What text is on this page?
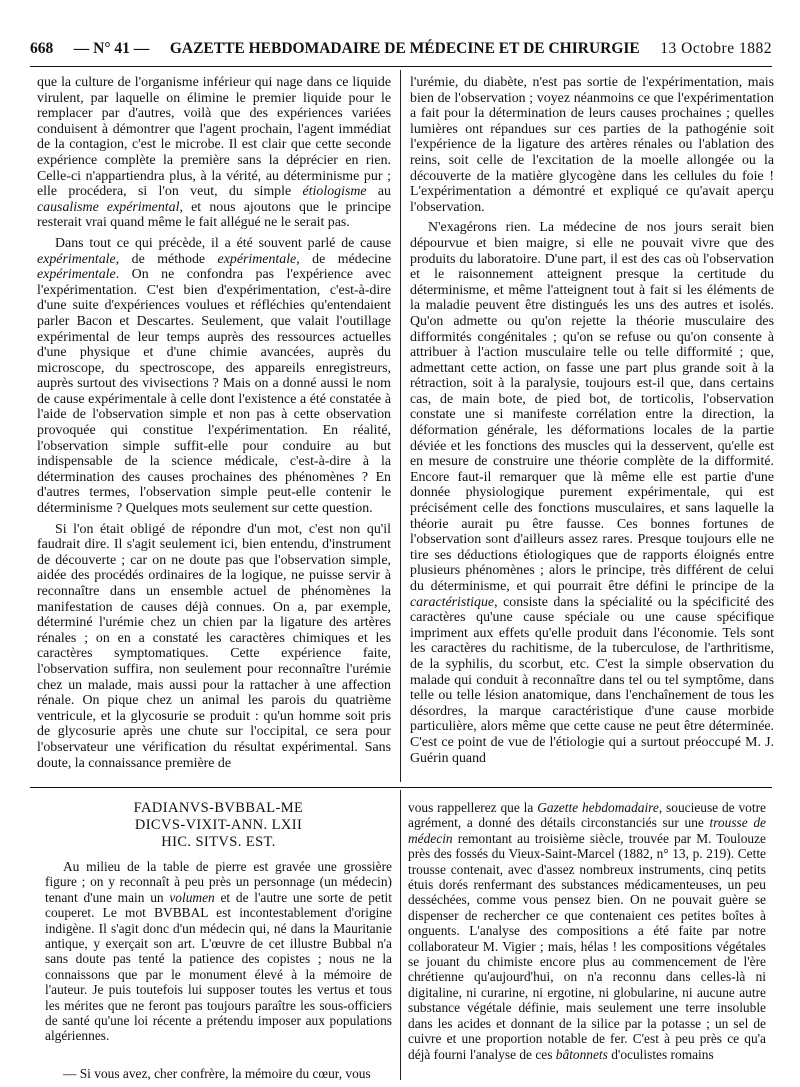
668 — N° 41 — GAZETTE HEBDOMADAIRE DE MÉDECINE ET DE CHIRURGIE 13 Octobre 1882

que la culture de l'organisme inférieur qui nage dans ce liquide virulent, par laquelle on élimine le premier liquide pour le remplacer par d'autres, voilà que des expériences variées conduisent à démontrer que l'agent prochain, l'agent immédiat de la contagion, c'est le microbe. Il est clair que cette seconde expérience complète la première sans la déprécier en rien. Celle-ci n'appartiendra plus, à la vérité, au déterminisme pur ; elle procédera, si l'on veut, du simple étiologisme au causalisme expérimental, et nous ajoutons que le principe resterait vrai quand même le fait allégué ne le serait pas.

Dans tout ce qui précède, il a été souvent parlé de cause expérimentale, de méthode expérimentale, de médecine expérimentale. On ne confondra pas l'expérience avec l'expérimentation. C'est bien d'expérimentation, c'est-à-dire d'une suite d'expériences voulues et réfléchies qu'entendaient parler Bacon et Descartes. Seulement, que valait l'outillage expérimental de leur temps auprès des ressources actuelles d'une physique et d'une chimie avancées, auprès du microscope, du spectroscope, des appareils enregistreurs, auprès surtout des vivisections ? Mais on a donné aussi le nom de cause expérimentale à celle dont l'existence a été constatée à l'aide de l'observation simple et non pas à cette observation provoquée qui constitue l'expérimentation. En réalité, l'observation simple suffit-elle pour conduire au but indispensable de la science médicale, c'est-à-dire à la détermination des causes prochaines des phénomènes ? En d'autres termes, l'observation simple peut-elle contenir le déterminisme ? Quelques mots seulement sur cette question.

Si l'on était obligé de répondre d'un mot, c'est non qu'il faudrait dire. Il s'agit seulement ici, bien entendu, d'instrument de découverte ; car on ne doute pas que l'observation simple, aidée des procédés ordinaires de la logique, ne puisse servir à reconnaître dans un ensemble actuel de phénomènes la manifestation de causes déjà connues. On a, par exemple, déterminé l'urémie chez un chien par la ligature des artères rénales ; on en a constaté les caractères chimiques et les caractères symptomatiques. Cette expérience faite, l'observation suffira, non seulement pour reconnaître l'urémie chez un malade, mais aussi pour la rattacher à une affection rénale. On pique chez un animal les parois du quatrième ventricule, et la glycosurie se produit : qu'un homme soit pris de glycosurie après une chute sur l'occipital, ce sera pour l'observateur une vérification du résultat expérimental. Sans doute, la connaissance première de

l'urémie, du diabète, n'est pas sortie de l'expérimentation, mais bien de l'observation ; voyez néanmoins ce que l'expérimentation a fait pour la détermination de leurs causes prochaines ; quelles lumières ont répandues sur ces parties de la pathogénie soit l'expérience de la ligature des artères rénales ou l'ablation des reins, soit celle de l'excitation de la moelle allongée ou la découverte de la matière glycogène dans les cellules du foie ! L'expérimentation a démontré et expliqué ce qu'avait aperçu l'observation.

N'exagérons rien. La médecine de nos jours serait bien dépourvue et bien maigre, si elle ne pouvait vivre que des produits du laboratoire. D'une part, il est des cas où l'observation et le raisonnement atteignent presque la certitude du déterminisme, et même l'atteignent tout à fait si les éléments de la maladie peuvent être distingués les uns des autres et isolés. Qu'on admette ou qu'on rejette la théorie musculaire des difformités congénitales ; qu'on se refuse ou qu'on consente à attribuer à l'action musculaire telle ou telle difformité ; que, admettant cette action, on fasse une part plus grande soit à la rétraction, soit à la paralysie, toujours est-il que, dans certains cas, de main bote, de pied bot, de torticolis, l'observation constate une si manifeste corrélation entre la direction, la déformation générale, les déformations locales de la partie déviée et les fonctions des muscles qui la desservent, qu'elle est en mesure de construire une théorie complète de la difformité. Encore faut-il remarquer que là même elle est partie d'une donnée physiologique purement expérimentale, qui est précisément celle des fonctions musculaires, et sans laquelle la théorie aurait pu être fausse. Ces bonnes fortunes de l'observation sont d'ailleurs assez rares. Presque toujours elle ne tire ses déductions étiologiques que de rapports éloignés entre plusieurs phénomènes ; alors le principe, très différent de celui du déterminisme, et qui pourrait être défini le principe de la caractéristique, consiste dans la spécialité ou la spécificité des caractères qu'une cause spéciale ou une cause spécifique impriment aux effets qu'elle produit dans l'économie. Tels sont les caractères du rachitisme, de la tuberculose, de l'arthritisme, de la syphilis, du scorbut, etc. C'est la simple observation du malade qui conduit à reconnaître dans tel ou tel symptôme, dans telle ou telle lésion anatomique, dans l'enchaînement de tous les désordres, la marque caractéristique d'une cause morbide particulière, alors même que cette cause ne peut être déterminée. C'est ce point de vue de l'étiologie qui a surtout préoccupé M. J. Guérin quand

FADIANVS-BVBBAL-ME
DICVS-VIXIT-ANN. LXII
HIC. SITVS. EST.

Au milieu de la table de pierre est gravée une grossière figure ; on y reconnaît à peu près un personnage (un médecin) tenant d'une main un volumen et de l'autre une sorte de petit couperet. Le mot BVBBAL est incontestablement d'origine indigène. Il s'agit donc d'un médecin qui, né dans la Mauritanie antique, y exerçait son art. L'œuvre de cet illustre Bubbal n'a sans doute pas tenté la patience des copistes ; nous ne la connaissons que par le monument élevé à la mémoire de l'auteur. Je puis toutefois lui supposer toutes les vertus et tous les mérites que ne feront pas toujours paraître les sous-officiers de santé qu'une loi récente a prétendu imposer aux populations algériennes.

— Si vous avez, cher confrère, la mémoire du cœur, vous

vous rappellerez que la Gazette hebdomadaire, soucieuse de votre agrément, a donné des détails circonstanciés sur une trousse de médecin remontant au troisième siècle, trouvée par M. Toulouze près des fossés du Vieux-Saint-Marcel (1882, n° 13, p. 219). Cette trousse contenait, avec d'assez nombreux instruments, cinq petits étuis dorés renfermant des substances médicamenteuses, un peu desséchées, comme vous pensez bien. On ne pouvait guère se dispenser de rechercher ce que contenaient ces petites boîtes à onguents. L'analyse des compositions a été faite par notre collaborateur M. Vigier ; mais, hélas ! les compositions végétales se jouant du chimiste encore plus au commencement de l'ère chrétienne qu'aujourd'hui, on n'a reconnu dans celles-là ni digitaline, ni curarine, ni ergotine, ni globularine, ni aucune autre substance végétale définie, mais seulement une terre insoluble dans les acides et donnant de la silice par la potasse ; un sel de cuivre et une proportion notable de fer. C'est à peu près ce qu'a déjà fourni l'analyse de ces bâtonnets d'oculistes romains
